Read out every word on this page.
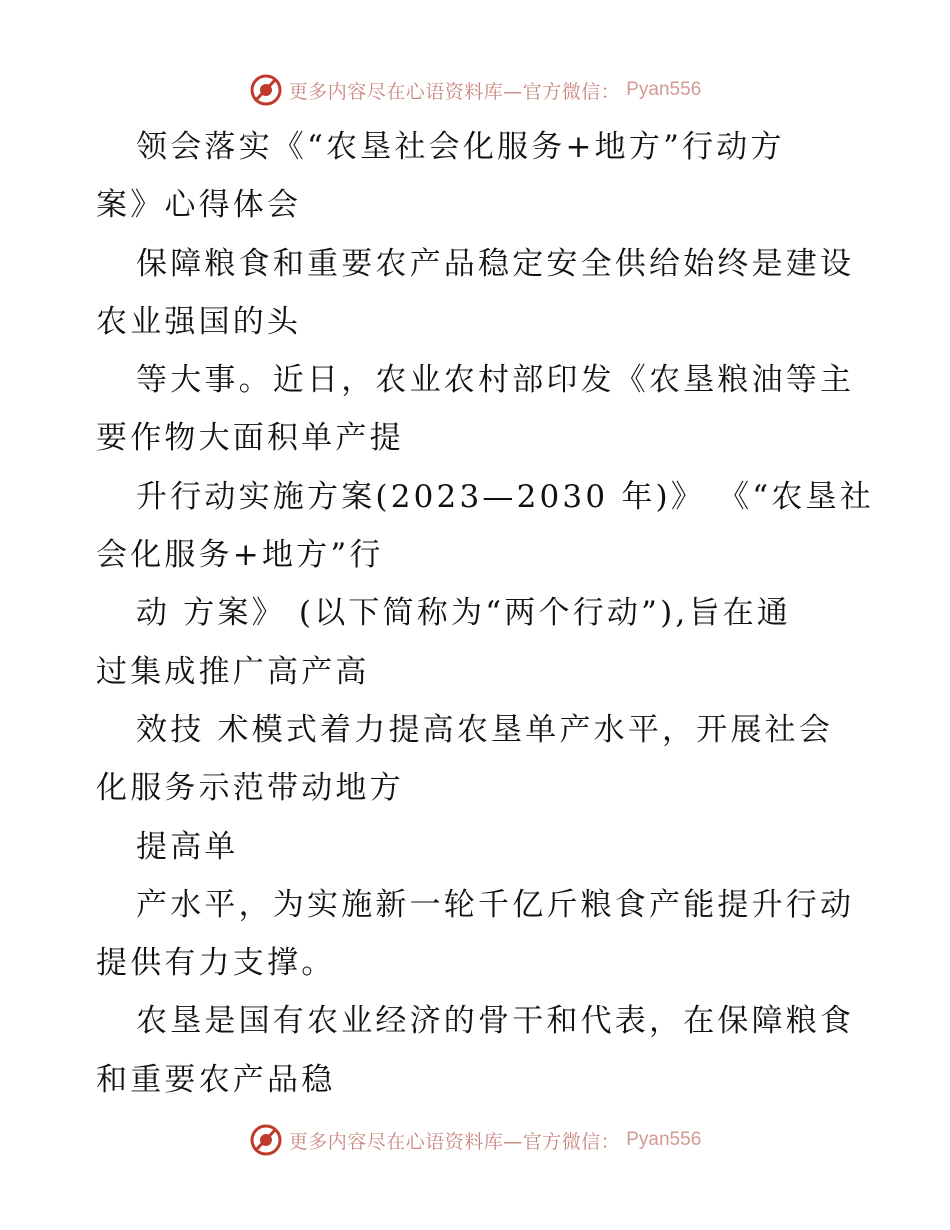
更多内容尽在心语资料库—官方微信： Pyan556

领会落实《“农垦社会化服务+地方”行动方
案》心得体会
保障粮食和重要农产品稳定安全供给始终是建设
农业强国的头
等大事。近日，农业农村部印发《农垦粮油等主
要作物大面积单产提
升行动实施方案(2023—2030 年)》 《“农垦社
会化服务+地方”行
动 方案》 (以下简称为“两个行动”),旨在通
过集成推广高产高
效技 术模式着力提高农垦单产水平，开展社会
化服务示范带动地方
提高单
产水平，为实施新一轮千亿斤粮食产能提升行动
提供有力支撑。
农垦是国有农业经济的骨干和代表，在保障粮食
和重要农产品稳

更多内容尽在心语资料库—官方微信： Pyan556
